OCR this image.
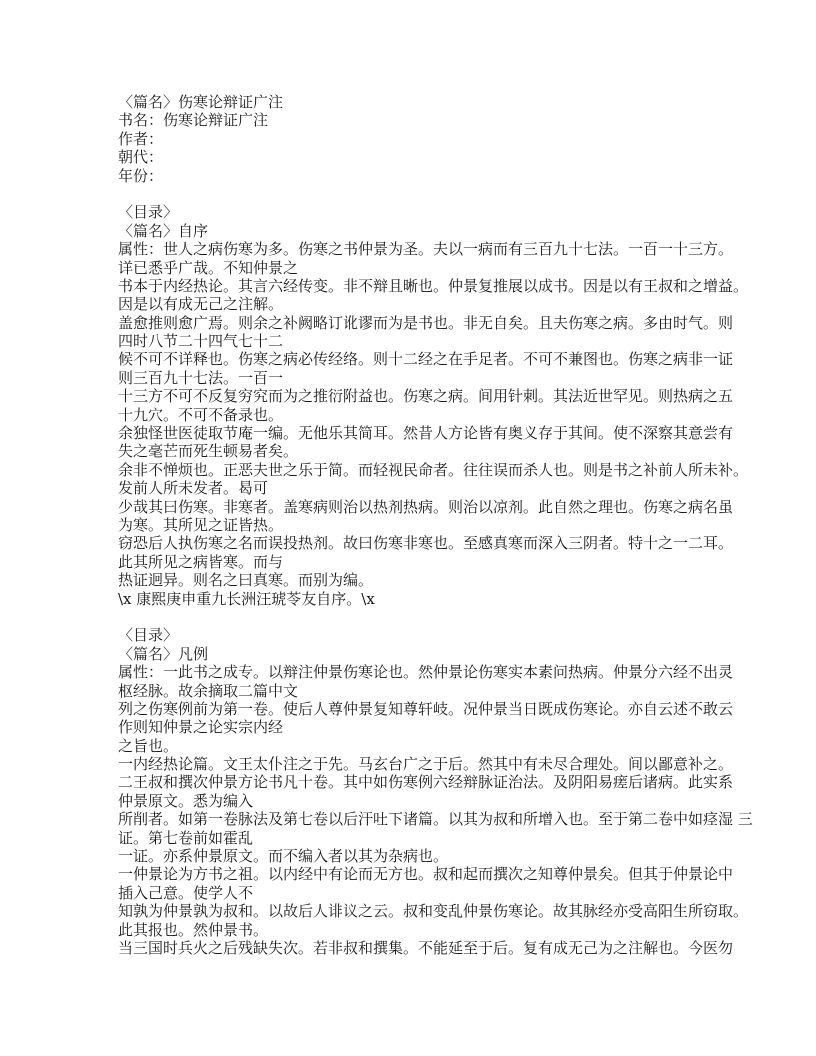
〈篇名〉伤寒论辩证广注
书名：伤寒论辩证广注
作者：
朝代：
年份：
〈目录〉
〈篇名〉自序
属性：世人之病伤寒为多。伤寒之书仲景为圣。夫以一病而有三百九十七法。一百一十三方。
详已悉乎广哉。不知仲景之
书本于内经热论。其言六经传变。非不辩且晰也。仲景复推展以成书。因是以有王叔和之增益。
因是以有成无己之注解。
盖愈推则愈广焉。则余之补阙略订讹谬而为是书也。非无自矣。且夫伤寒之病。多由时气。则
四时八节二十四气七十二
候不可不详释也。伤寒之病必传经络。则十二经之在手足者。不可不兼图也。伤寒之病非一证
则三百九十七法。一百一
十三方不可不反复穷究而为之推衍附益也。伤寒之病。间用针刺。其法近世罕见。则热病之五
十九穴。不可不备录也。
余独怪世医徒取节庵一编。无他乐其简耳。然昔人方论皆有奥义存于其间。使不深察其意尝有
失之毫芒而死生顿易者矣。
余非不惮烦也。正恶夫世之乐于简。而轻视民命者。往往误而杀人也。则是书之补前人所未补。
发前人所未发者。曷可
少哉其曰伤寒。非寒者。盖寒病则治以热剂热病。则治以凉剂。此自然之理也。伤寒之病名虽
为寒。其所见之证皆热。
窃恐后人执伤寒之名而误投热剂。故曰伤寒非寒也。至感真寒而深入三阴者。特十之一二耳。
此其所见之病皆寒。而与
热证迥异。则名之曰真寒。而别为编。
\x 康熙庚申重九长洲汪琥苓友自序。\x
〈目录〉
〈篇名〉凡例
属性：一此书之成专。以辩注仲景伤寒论也。然仲景论伤寒实本素问热病。仲景分六经不出灵
枢经脉。故余摘取二篇中文
列之伤寒例前为第一卷。使后人尊仲景复知尊轩岐。况仲景当日既成伤寒论。亦自云述不敢云
作则知仲景之论实宗内经
之旨也。
一内经热论篇。文王太仆注之于先。马玄台广之于后。然其中有未尽合理处。间以鄙意补之。
二王叔和撰次仲景方论书凡十卷。其中如伤寒例六经辩脉证治法。及阴阳易瘥后诸病。此实系
仲景原文。悉为编入
所削者。如第一卷脉法及第七卷以后汗吐下诸篇。以其为叔和所增入也。至于第二卷中如痉湿 三
证。第七卷前如霍乱
一证。亦系仲景原文。而不编入者以其为杂病也。
一仲景论为方书之祖。以内经中有论而无方也。叔和起而撰次之知尊仲景矣。但其于仲景论中
插入己意。使学人不
知孰为仲景孰为叔和。以故后人诽议之云。叔和变乱仲景伤寒论。故其脉经亦受高阳生所窃取。
此其报也。然仲景书。
当三国时兵火之后残缺失次。若非叔和撰集。不能延至于后。复有成无己为之注解也。今医勿
